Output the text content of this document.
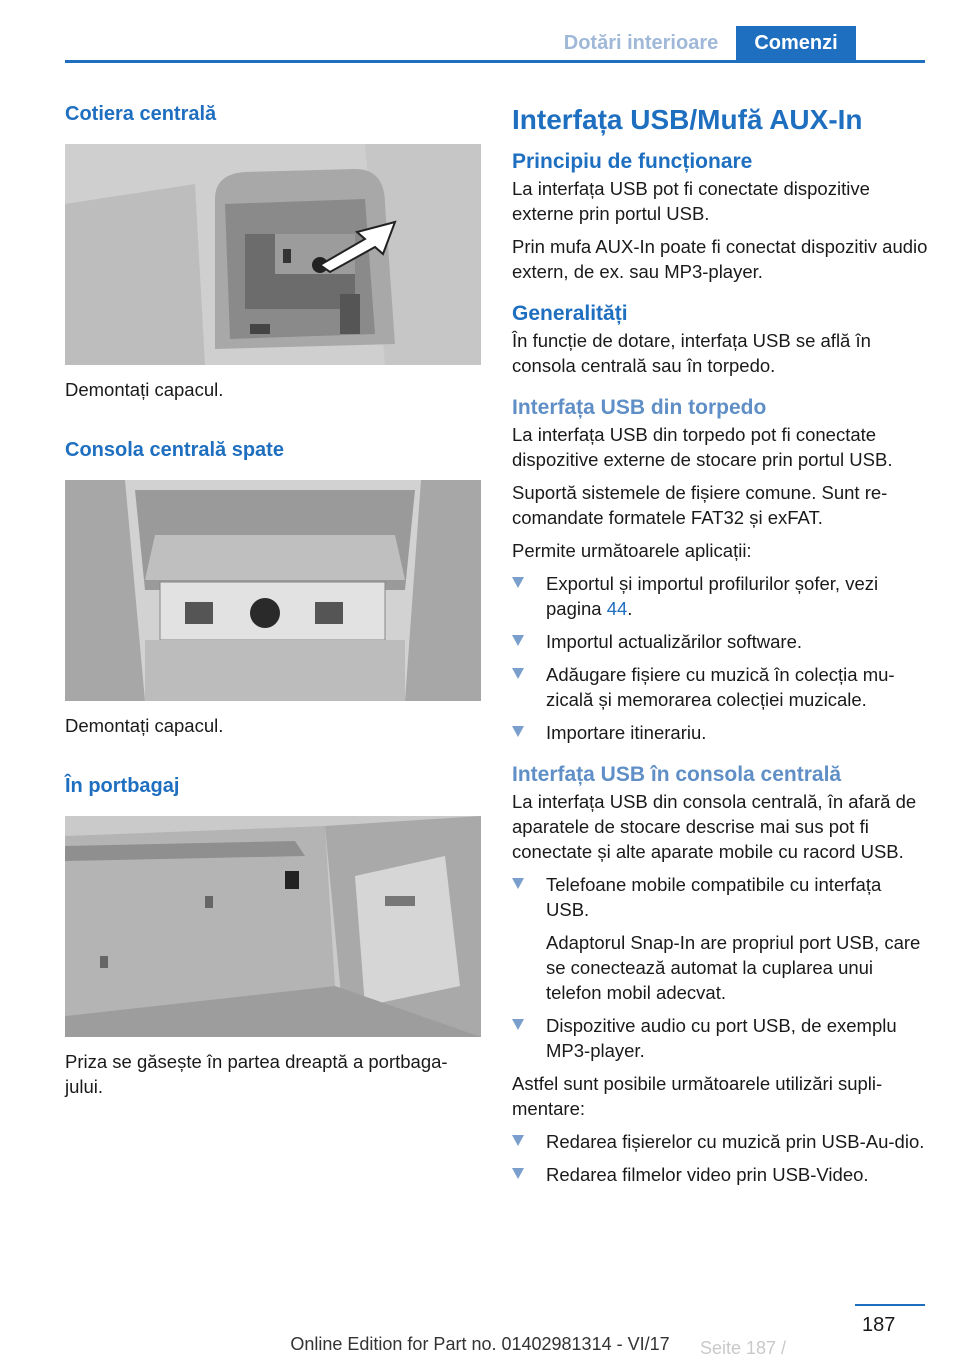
Dotări interioare	Comenzi
Cotiera centrală

Demontați capacul.

Consola centrală spate

Demontați capacul.

În portbagaj

Priza se găsește în partea dreaptă a portbaga-jului.

Interfața USB/Mufă AUX-In
Principiu de funcționare

La interfața USB pot fi conectate dispozitive externe prin portul USB.

Prin mufa AUX-In poate fi conectat dispozitiv audio extern, de ex. sau MP3-player.

Generalități

În funcție de dotare, interfața USB se află în consola centrală sau în torpedo.

Interfața USB din torpedo

La interfața USB din torpedo pot fi conectate dispozitive externe de stocare prin portul USB.

Suportă sistemele de fișiere comune. Sunt re-comandate formatele FAT32 și exFAT.

Permite următoarele aplicații:

Exportul și importul profilurilor șofer, vezi pagina 44.
Importul actualizărilor software.
Adăugare fișiere cu muzică în colecția mu-zicală și memorarea colecției muzicale.
Importare itinerariu.
Interfața USB în consola centrală

La interfața USB din consola centrală, în afară de aparatele de stocare descrise mai sus pot fi conectate și alte aparate mobile cu racord USB.

Telefoane mobile compatibile cu interfața USB.
Adaptorul Snap-In are propriul port USB, care se conectează automat la cuplarea unui telefon mobil adecvat.
Dispozitive audio cu port USB, de exemplu MP3-player.

Astfel sunt posibile următoarele utilizări supli-mentare:

Redarea fișierelor cu muzică prin USB-Au-dio.
Redarea filmelor video prin USB-Video.
187
Online Edition for Part no. 01402981314 - VI/17	Seite 187 /
